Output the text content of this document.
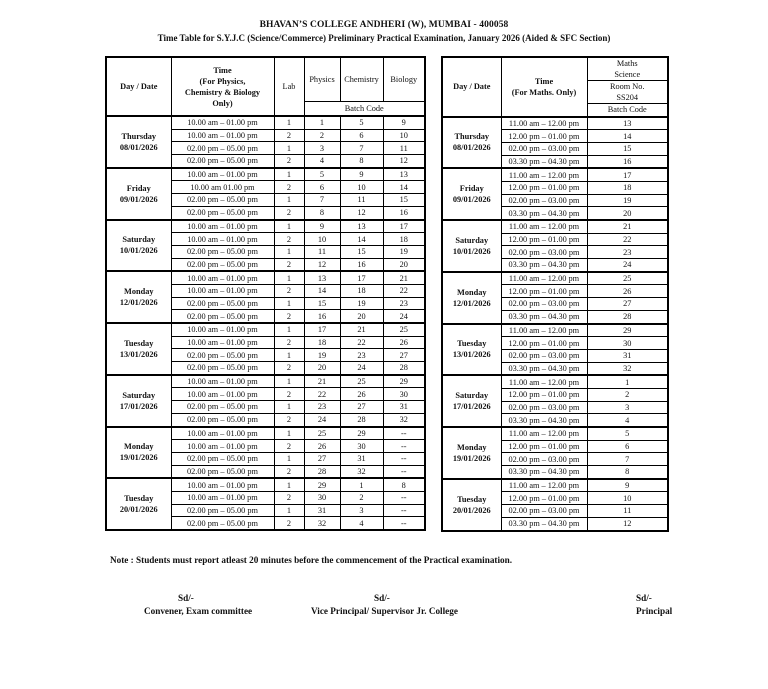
BHAVAN’S COLLEGE ANDHERI (W), MUMBAI - 400058
Time Table for S.Y.J.C (Science/Commerce) Preliminary Practical Examination, January 2026 (Aided & SFC Section)
Day / Date	Time
(For Physics,
Chemistry & Biology
Only)	Lab	Physics	Chemistry	Biology
			Batch Code		

Thursday
08/01/2026	10.00 am – 01.00 pm	1	1	5	9
	10.00 am – 01.00 pm	2	2	6	10
	02.00 pm – 05.00 pm	1	3	7	11
	02.00 pm – 05.00 pm	2	4	8	12

Friday
09/01/2026	10.00 am – 01.00 pm	1	5	9	13
	10.00 am 01.00 pm	2	6	10	14
	02.00 pm – 05.00 pm	1	7	11	15
	02.00 pm – 05.00 pm	2	8	12	16

Saturday
10/01/2026	10.00 am – 01.00 pm	1	9	13	17
	10.00 am – 01.00 pm	2	10	14	18
	02.00 pm – 05.00 pm	1	11	15	19
	02.00 pm – 05.00 pm	2	12	16	20

Monday
12/01/2026	10.00 am – 01.00 pm	1	13	17	21
	10.00 am – 01.00 pm	2	14	18	22
	02.00 pm – 05.00 pm	1	15	19	23
	02.00 pm – 05.00 pm	2	16	20	24

Tuesday
13/01/2026	10.00 am – 01.00 pm	1	17	21	25
	10.00 am – 01.00 pm	2	18	22	26
	02.00 pm – 05.00 pm	1	19	23	27
	02.00 pm – 05.00 pm	2	20	24	28

Saturday
17/01/2026	10.00 am – 01.00 pm	1	21	25	29
	10.00 am – 01.00 pm	2	22	26	30
	02.00 pm – 05.00 pm	1	23	27	31
	02.00 pm – 05.00 pm	2	24	28	32

Monday
19/01/2026	10.00 am – 01.00 pm	1	25	29	--
	10.00 am – 01.00 pm	2	26	30	--
	02.00 pm – 05.00 pm	1	27	31	--
	02.00 pm – 05.00 pm	2	28	32	--

Tuesday
20/01/2026	10.00 am – 01.00 pm	1	29	1	8
	10.00 am – 01.00 pm	2	30	2	--
	02.00 pm – 05.00 pm	1	31	3	--
	02.00 pm – 05.00 pm	2	32	4	--
Day / Date	Time
(For Maths. Only)	Maths
Science
		Room No.
SS204
		Batch Code

Thursday
08/01/2026	11.00 am – 12.00 pm	13
	12.00 pm – 01.00 pm	14
	02.00 pm – 03.00 pm	15
	03.30 pm – 04.30 pm	16

Friday
09/01/2026	11.00 am – 12.00 pm	17
	12.00 pm – 01.00 pm	18
	02.00 pm – 03.00 pm	19
	03.30 pm – 04.30 pm	20

Saturday
10/01/2026	11.00 am – 12.00 pm	21
	12.00 pm – 01.00 pm	22
	02.00 pm – 03.00 pm	23
	03.30 pm – 04.30 pm	24

Monday
12/01/2026	11.00 am – 12.00 pm	25
	12.00 pm – 01.00 pm	26
	02.00 pm – 03.00 pm	27
	03.30 pm – 04.30 pm	28

Tuesday
13/01/2026	11.00 am – 12.00 pm	29
	12.00 pm – 01.00 pm	30
	02.00 pm – 03.00 pm	31
	03.30 pm – 04.30 pm	32

Saturday
17/01/2026	11.00 am – 12.00 pm	1
	12.00 pm – 01.00 pm	2
	02.00 pm – 03.00 pm	3
	03.30 pm – 04.30 pm	4

Monday
19/01/2026	11.00 am – 12.00 pm	5
	12.00 pm – 01.00 pm	6
	02.00 pm – 03.00 pm	7
	03.30 pm – 04.30 pm	8

Tuesday
20/01/2026	11.00 am – 12.00 pm	9
	12.00 pm – 01.00 pm	10
	02.00 pm – 03.00 pm	11
	03.30 pm – 04.30 pm	12
Note : Students must report atleast 20 minutes before the commencement of the Practical examination.
Sd/-
Convener, Exam committee
Sd/-
Vice Principal/ Supervisor Jr. College
Sd/-
Principal
